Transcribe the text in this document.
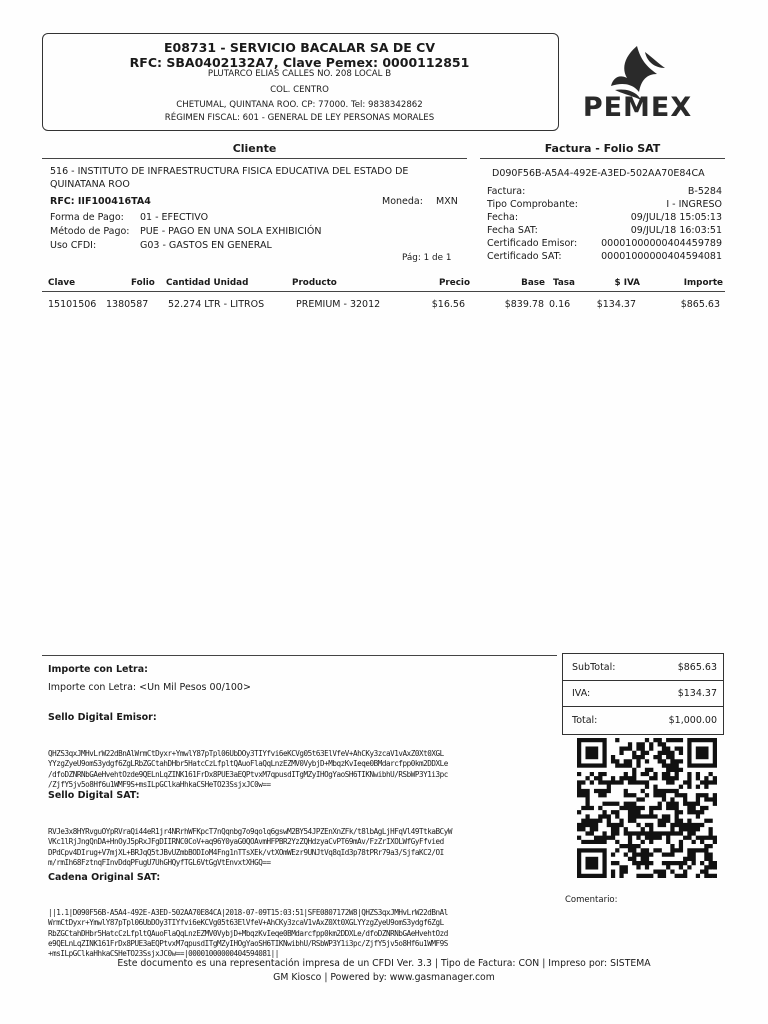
E08731 - SERVICIO BACALAR SA DE CV
RFC: SBA0402132A7, Clave Pemex: 0000112851
PLUTARCO ELIAS CALLES NO. 208 LOCAL B
COL. CENTRO
CHETUMAL, QUINTANA ROO. CP: 77000. Tel: 9838342862
RÉGIMEN FISCAL: 601 - GENERAL DE LEY PERSONAS MORALES	PEMEX
Cliente	Factura - Folio SAT
516 - INSTITUTO DE INFRAESTRUCTURA FISICA EDUCATIVA DEL ESTADO DE
QUINATANA ROO
RFC: IIF100416TA4	Moneda: MXN
Forma de Pago: 01 - EFECTIVO
Método de Pago: PUE - PAGO EN UNA SOLA EXHIBICIÓN
Uso CFDI:	G03 - GASTOS EN GENERAL
Pág: 1 de 1
D090F56B-A5A4-492E-A3ED-502AA70E84CA
Factura:	B-5284
Tipo Comprobante:	I - INGRESO
Fecha:	09/JUL/18 15:05:13
Fecha SAT:	09/JUL/18 16:03:51
Certificado Emisor:	00001000000404459789
Certificado SAT:	00001000000404594081
Clave	Folio Cantidad Unidad	Producto	Precio	Base Tasa	$ IVA	Importe
15101506 1380587 52.274 LTR - LITROS	PREMIUM - 32012	$16.56	$839.78 0.16	$134.37	$865.63
Importe con Letra:
Importe con Letra: <Un Mil Pesos 00/100>
SubTotal:	$865.63
IVA:	$134.37
Total:	$1,000.00
Sello Digital Emisor:

QHZS3qxJMHvLrW22dBnAlWrmCtDyxr+YmwlY87pTpl06UbDOy3TIYfvi6eKCVg05t63ElVfeV+AhCKy3zcaV1vAxZ0Xt0XGL
YYzgZyeU9omS3ydgf6ZgLRbZGCtahDHbr5HatcCzLfpltQAuoFlaQqLnzEZMV0VybjD+MbqzKvIeqe0BMdarcfpp0km2DDXLe
/dfoDZNRNbGAeHvehtOzde9QELnLqZINK161FrDx8PUE3aEQPtvxM7qpusdITgMZyIHOgYaoSH6TIKNwibhU/RSbWP3Y1i3pc
/ZjfY5jv5o8Hf6u1WMF9S+msILpGClkaHhkaCSHeTO23SsjxJC0w==

Sello Digital SAT:

RVJe3x8HYRvguOYpRVraQi44eR1jr4NRrhWFKpcT7nQqnbg7o9qolq6gswM2BY54JPZEnXnZFk/t8lbAgLjHFqVl49TtkaBCyW
VKc1lRjJngQnDA+HnOyJ5pRxJFgDIIRNC0CoV+aq96Y0yaG0QOAvmHFPBR2YzZQHdzyaCvPT69mAv/FzZrIXOLWfGyFfvied
DPdCpv4DIrug+V7mjXL+BRJqQ5tJBvUZmbBODIoM4Fng1nTTsXEk/vtXOmWEzr9UNJtVq8qId3p78tPRr79a3/SjfaKC2/OI
m/rmIh68FztnqFInvDdqPFugU7UhGHQyfTGL6VtGgVtEnvxtXHGQ==

Cadena Original SAT:

||1.1|D090F56B-A5A4-492E-A3ED-502AA70E84CA|2018-07-09T15:03:51|SFE0807172W8|QHZS3qxJMHvLrW22dBnAl
WrmCtDyxr+YmwlY87pTpl06UbDOy3TIYfvi6eKCVg05t63ElVfeV+AhCKy3zcaV1vAxZ0Xt0XGLYYzgZyeU9omS3ydgf6ZgL
RbZGCtahDHbr5HatcCzLfpltQAuoFlaQqLnzEZMV0VybjD+MbqzKvIeqe0BMdarcfpp0km2DDXLe/dfoDZNRNbGAeHvehtOzd
e9QELnLqZINK161FrDx8PUE3aEQPtvxM7qpusdITgMZyIHOgYaoSH6TIKNwibhU/RSbWP3Y1i3pc/ZjfY5jv5o8Hf6u1WMF9S
+msILpGClkaHhkaCSHeTO23SsjxJC0w==|00001000000404594081||

Comentario:
Este documento es una representación impresa de un CFDI Ver. 3.3 | Tipo de Factura: CON | Impreso por: SISTEMA
GM Kiosco | Powered by: www.gasmanager.com
